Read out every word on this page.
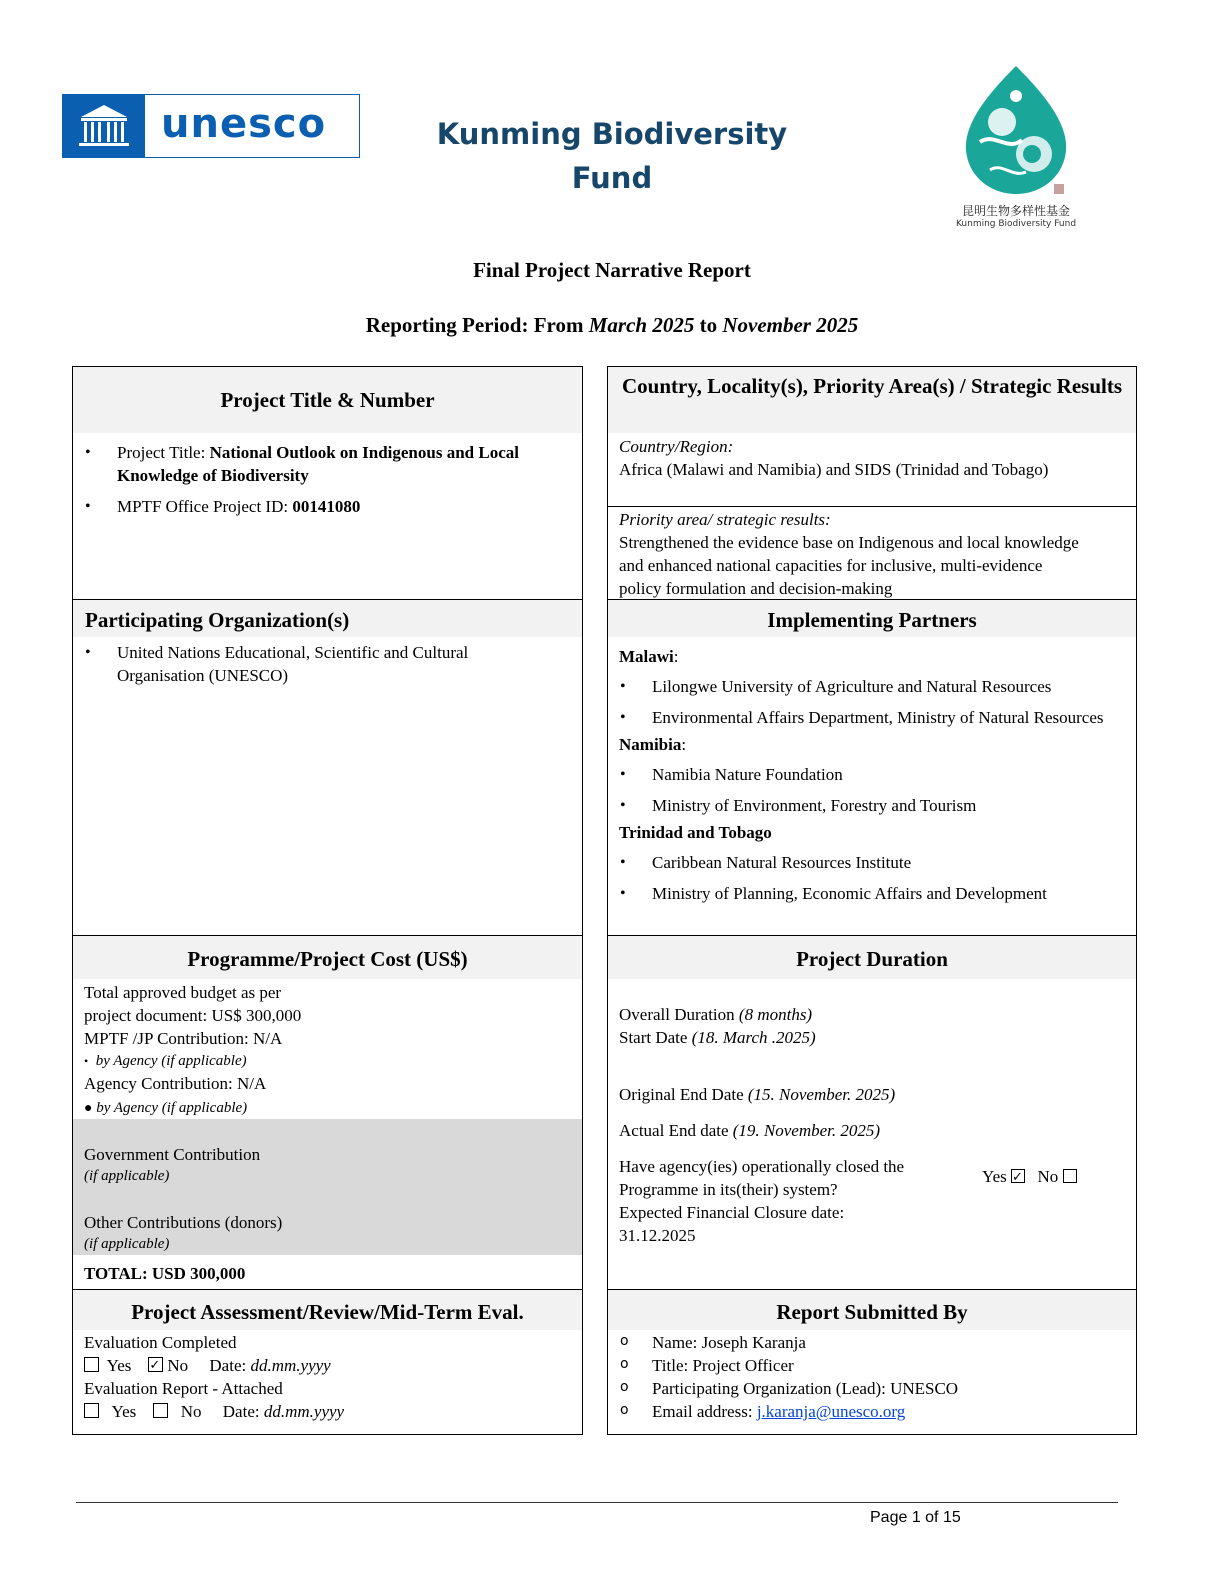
unesco	Kunming Biodiversity
Fund
昆明生物多样性基金
Kunming Biodiversity Fund
Final Project Narrative Report
Reporting Period: From March 2025 to November 2025
Project Title & Number
• Project Title: National Outlook on Indigenous and Local Knowledge of Biodiversity
• MPTF Office Project ID: 00141080
Participating Organization(s)
• United Nations Educational, Scientific and Cultural Organisation (UNESCO)
Programme/Project Cost (US$)
Total approved budget as per
project document: US$ 300,000
MPTF /JP Contribution: N/A
• by Agency (if applicable)
Agency Contribution: N/A
● by Agency (if applicable)
Government Contribution
(if applicable)
Other Contributions (donors)
(if applicable)
TOTAL: USD 300,000
Project Assessment/Review/Mid-Term Eval.
Evaluation Completed
Yes ✓ No Date: dd.mm.yyyy
Evaluation Report - Attached
Yes	No Date: dd.mm.yyyy
Country, Locality(s), Priority Area(s) / Strategic Results
Country/Region:
Africa (Malawi and Namibia) and SIDS (Trinidad and Tobago)
Priority area/ strategic results:
Strengthened the evidence base on Indigenous and local knowledge and enhanced national capacities for inclusive, multi-evidence policy formulation and decision-making
Implementing Partners
Malawi:
• Lilongwe University of Agriculture and Natural Resources
• Environmental Affairs Department, Ministry of Natural Resources
Namibia:
• Namibia Nature Foundation
• Ministry of Environment, Forestry and Tourism
Trinidad and Tobago
• Caribbean Natural Resources Institute
• Ministry of Planning, Economic Affairs and Development
Project Duration
Overall Duration (8 months)
Start Date (18. March .2025)
Original End Date (15. November. 2025)
Actual End date (19. November. 2025)
Have agency(ies) operationally closed the
Programme in its(their) system?
Yes ✓ No
Expected Financial Closure date:
31.12.2025
Report Submitted By
o Name: Joseph Karanja
o Title: Project Officer
o Participating Organization (Lead): UNESCO
o Email address: j.karanja@unesco.org
Page 1 of 15
